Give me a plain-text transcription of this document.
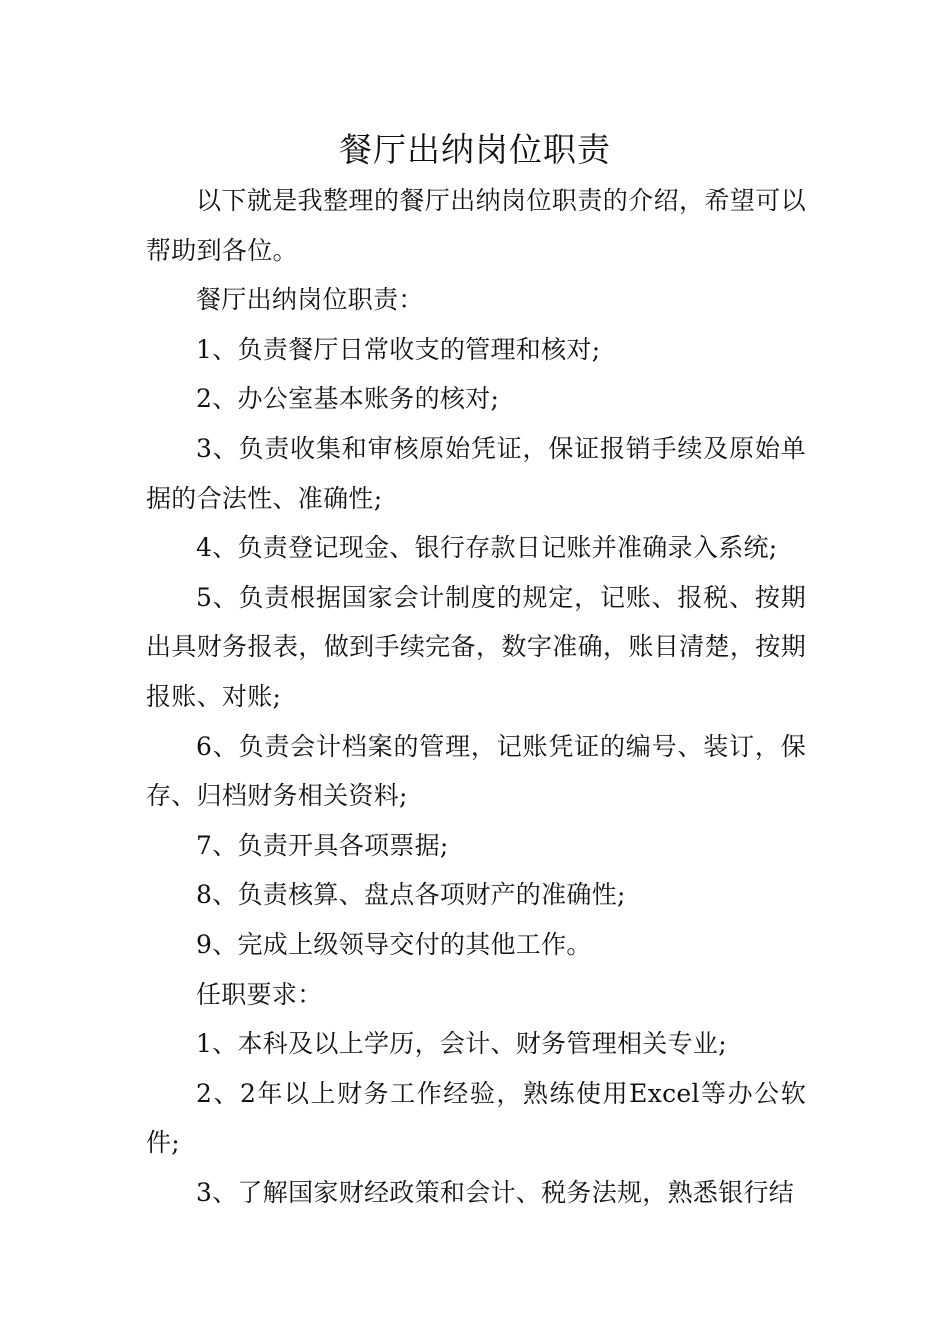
餐厅出纳岗位职责

以下就是我整理的餐厅出纳岗位职责的介绍，希望可以帮助到各位。

餐厅出纳岗位职责：

1、负责餐厅日常收支的管理和核对;

2、办公室基本账务的核对;

3、负责收集和审核原始凭证，保证报销手续及原始单据的合法性、准确性;

4、负责登记现金、银行存款日记账并准确录入系统;

5、负责根据国家会计制度的规定，记账、报税、按期出具财务报表，做到手续完备，数字准确，账目清楚，按期报账、对账;

6、负责会计档案的管理，记账凭证的编号、装订，保存、归档财务相关资料;

7、负责开具各项票据;

8、负责核算、盘点各项财产的准确性;

9、完成上级领导交付的其他工作。

任职要求：

1、本科及以上学历，会计、财务管理相关专业;

2、2年以上财务工作经验，熟练使用Excel等办公软件;

3、了解国家财经政策和会计、税务法规，熟悉银行结
